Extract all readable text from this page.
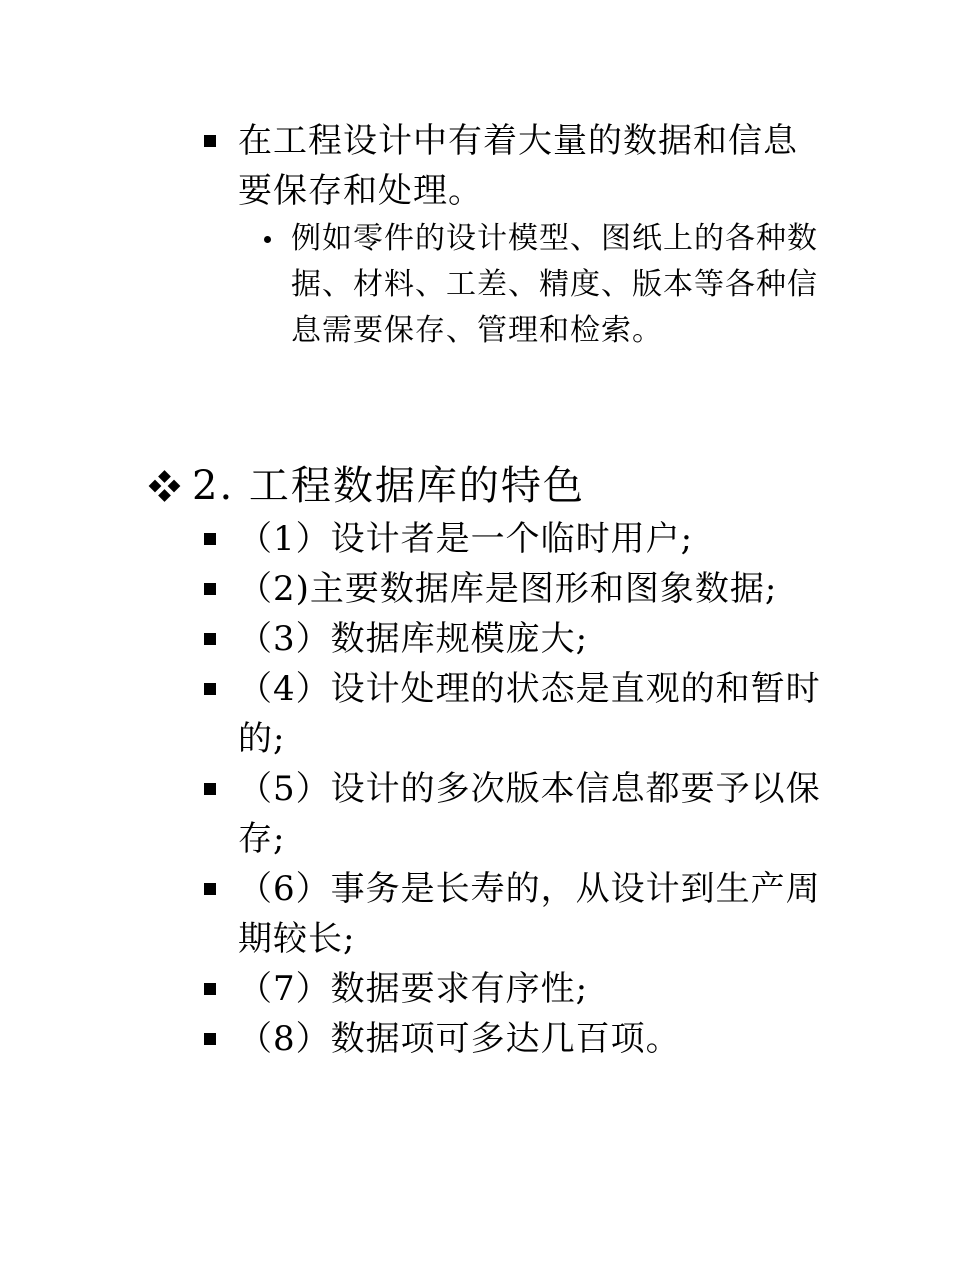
在工程设计中有着大量的数据和信息要保存和处理。
例如零件的设计模型、图纸上的各种数据、材料、工差、精度、版本等各种信息需要保存、管理和检索。
2. 工程数据库的特色
（1）设计者是一个临时用户;
（2)主要数据库是图形和图象数据;
（3）数据库规模庞大;
（4）设计处理的状态是直观的和暂时的;
（5）设计的多次版本信息都要予以保存;
（6）事务是长寿的，从设计到生产周期较长;
（7）数据要求有序性;
（8）数据项可多达几百项。
